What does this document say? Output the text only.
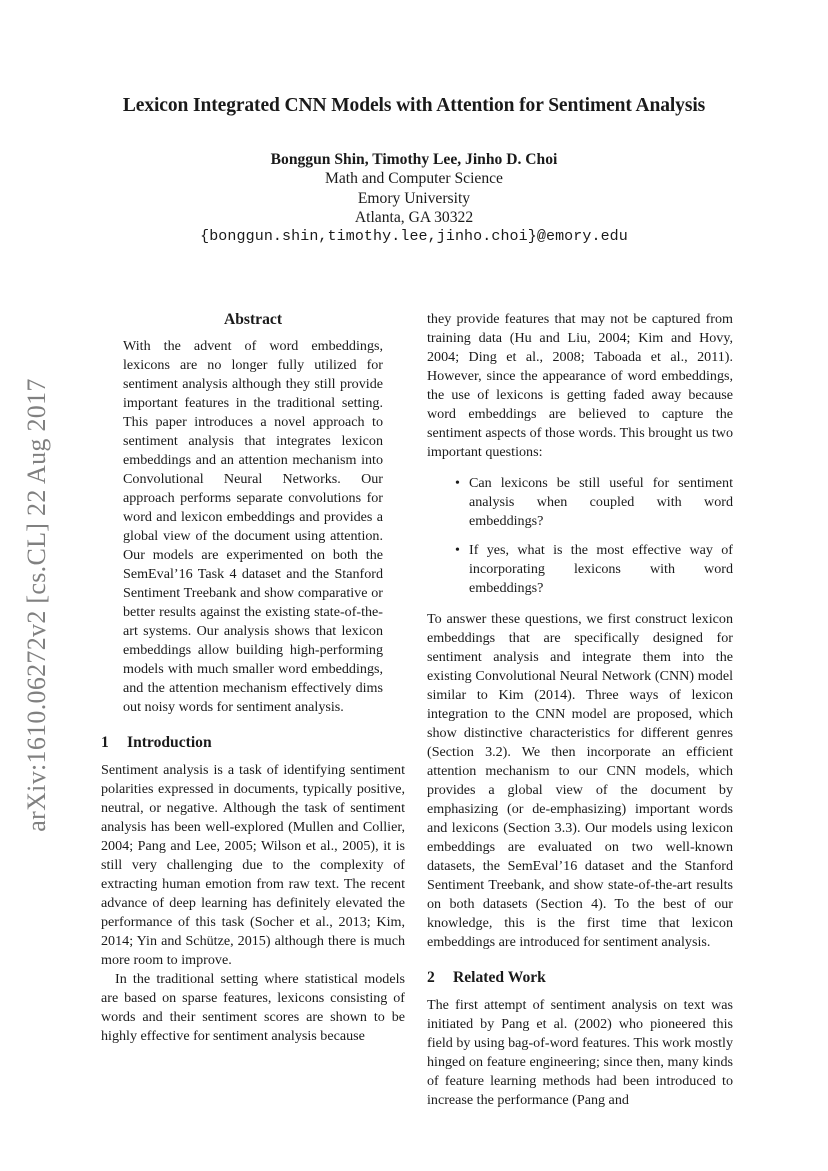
arXiv:1610.06272v2 [cs.CL] 22 Aug 2017
Lexicon Integrated CNN Models with Attention for Sentiment Analysis
Bonggun Shin, Timothy Lee, Jinho D. Choi
Math and Computer Science
Emory University
Atlanta, GA 30322
{bonggun.shin,timothy.lee,jinho.choi}@emory.edu
Abstract
With the advent of word embeddings, lexicons are no longer fully utilized for sentiment analysis although they still provide important features in the traditional setting. This paper introduces a novel approach to sentiment analysis that integrates lexicon embeddings and an attention mechanism into Convolutional Neural Networks. Our approach performs separate convolutions for word and lexicon embeddings and provides a global view of the document using attention. Our models are experimented on both the SemEval’16 Task 4 dataset and the Stanford Sentiment Treebank and show comparative or better results against the existing state-of-the-art systems. Our analysis shows that lexicon embeddings allow building high-performing models with much smaller word embeddings, and the attention mechanism effectively dims out noisy words for sentiment analysis.
1 Introduction

Sentiment analysis is a task of identifying sentiment polarities expressed in documents, typically positive, neutral, or negative. Although the task of sentiment analysis has been well-explored (Mullen and Collier, 2004; Pang and Lee, 2005; Wilson et al., 2005), it is still very challenging due to the complexity of extracting human emotion from raw text. The recent advance of deep learning has definitely elevated the performance of this task (Socher et al., 2013; Kim, 2014; Yin and Schütze, 2015) although there is much more room to improve.

In the traditional setting where statistical models are based on sparse features, lexicons consisting of words and their sentiment scores are shown to be highly effective for sentiment analysis because

they provide features that may not be captured from training data (Hu and Liu, 2004; Kim and Hovy, 2004; Ding et al., 2008; Taboada et al., 2011). However, since the appearance of word embeddings, the use of lexicons is getting faded away because word embeddings are believed to capture the sentiment aspects of those words. This brought us two important questions:

• Can lexicons be still useful for sentiment analysis when coupled with word embeddings?
• If yes, what is the most effective way of incorporating lexicons with word embeddings?

To answer these questions, we first construct lexicon embeddings that are specifically designed for sentiment analysis and integrate them into the existing Convolutional Neural Network (CNN) model similar to Kim (2014). Three ways of lexicon integration to the CNN model are proposed, which show distinctive characteristics for different genres (Section 3.2). We then incorporate an efficient attention mechanism to our CNN models, which provides a global view of the document by emphasizing (or de-emphasizing) important words and lexicons (Section 3.3). Our models using lexicon embeddings are evaluated on two well-known datasets, the SemEval’16 dataset and the Stanford Sentiment Treebank, and show state-of-the-art results on both datasets (Section 4). To the best of our knowledge, this is the first time that lexicon embeddings are introduced for sentiment analysis.

2 Related Work

The first attempt of sentiment analysis on text was initiated by Pang et al. (2002) who pioneered this field by using bag-of-word features. This work mostly hinged on feature engineering; since then, many kinds of feature learning methods had been introduced to increase the performance (Pang and
